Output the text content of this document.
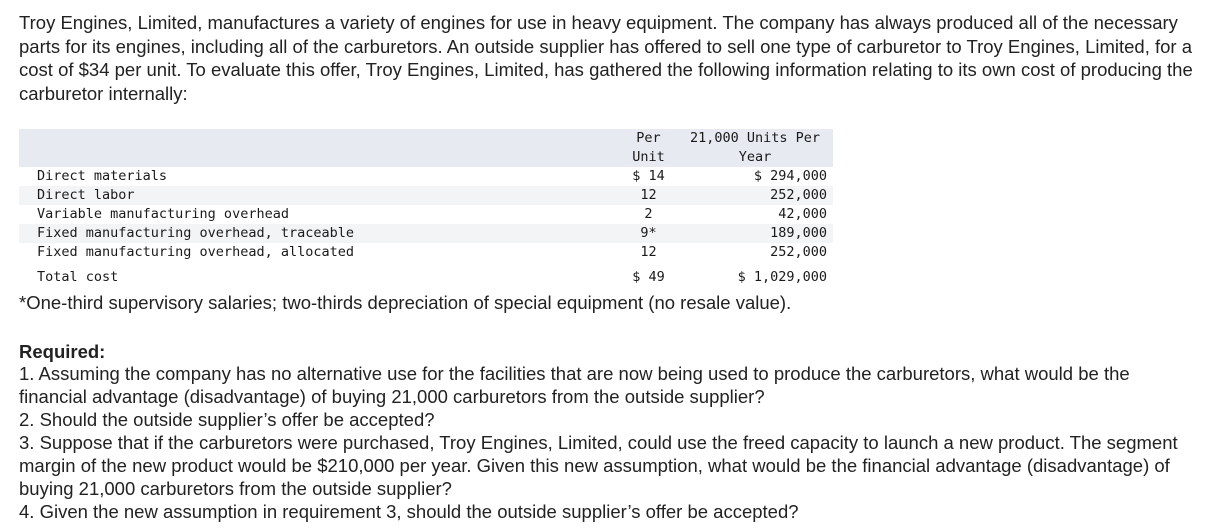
Troy Engines, Limited, manufactures a variety of engines for use in heavy equipment. The company has always produced all of the necessary parts for its engines, including all of the carburetors. An outside supplier has offered to sell one type of carburetor to Troy Engines, Limited, for a cost of $34 per unit. To evaluate this offer, Troy Engines, Limited, has gathered the following information relating to its own cost of producing the carburetor internally:

	Per	21,000 Units Per
	Unit	Year
Direct materials	$ 14	$ 294,000
Direct labor	12	252,000
Variable manufacturing overhead	2	42,000
Fixed manufacturing overhead, traceable	9*	189,000
Fixed manufacturing overhead, allocated	12	252,000
Total cost	$ 49	$ 1,029,000

*One-third supervisory salaries; two-thirds depreciation of special equipment (no resale value).

Required:

1. Assuming the company has no alternative use for the facilities that are now being used to produce the carburetors, what would be the financial advantage (disadvantage) of buying 21,000 carburetors from the outside supplier?

2. Should the outside supplier’s offer be accepted?

3. Suppose that if the carburetors were purchased, Troy Engines, Limited, could use the freed capacity to launch a new product. The segment margin of the new product would be $210,000 per year. Given this new assumption, what would be the financial advantage (disadvantage) of buying 21,000 carburetors from the outside supplier?

4. Given the new assumption in requirement 3, should the outside supplier’s offer be accepted?
